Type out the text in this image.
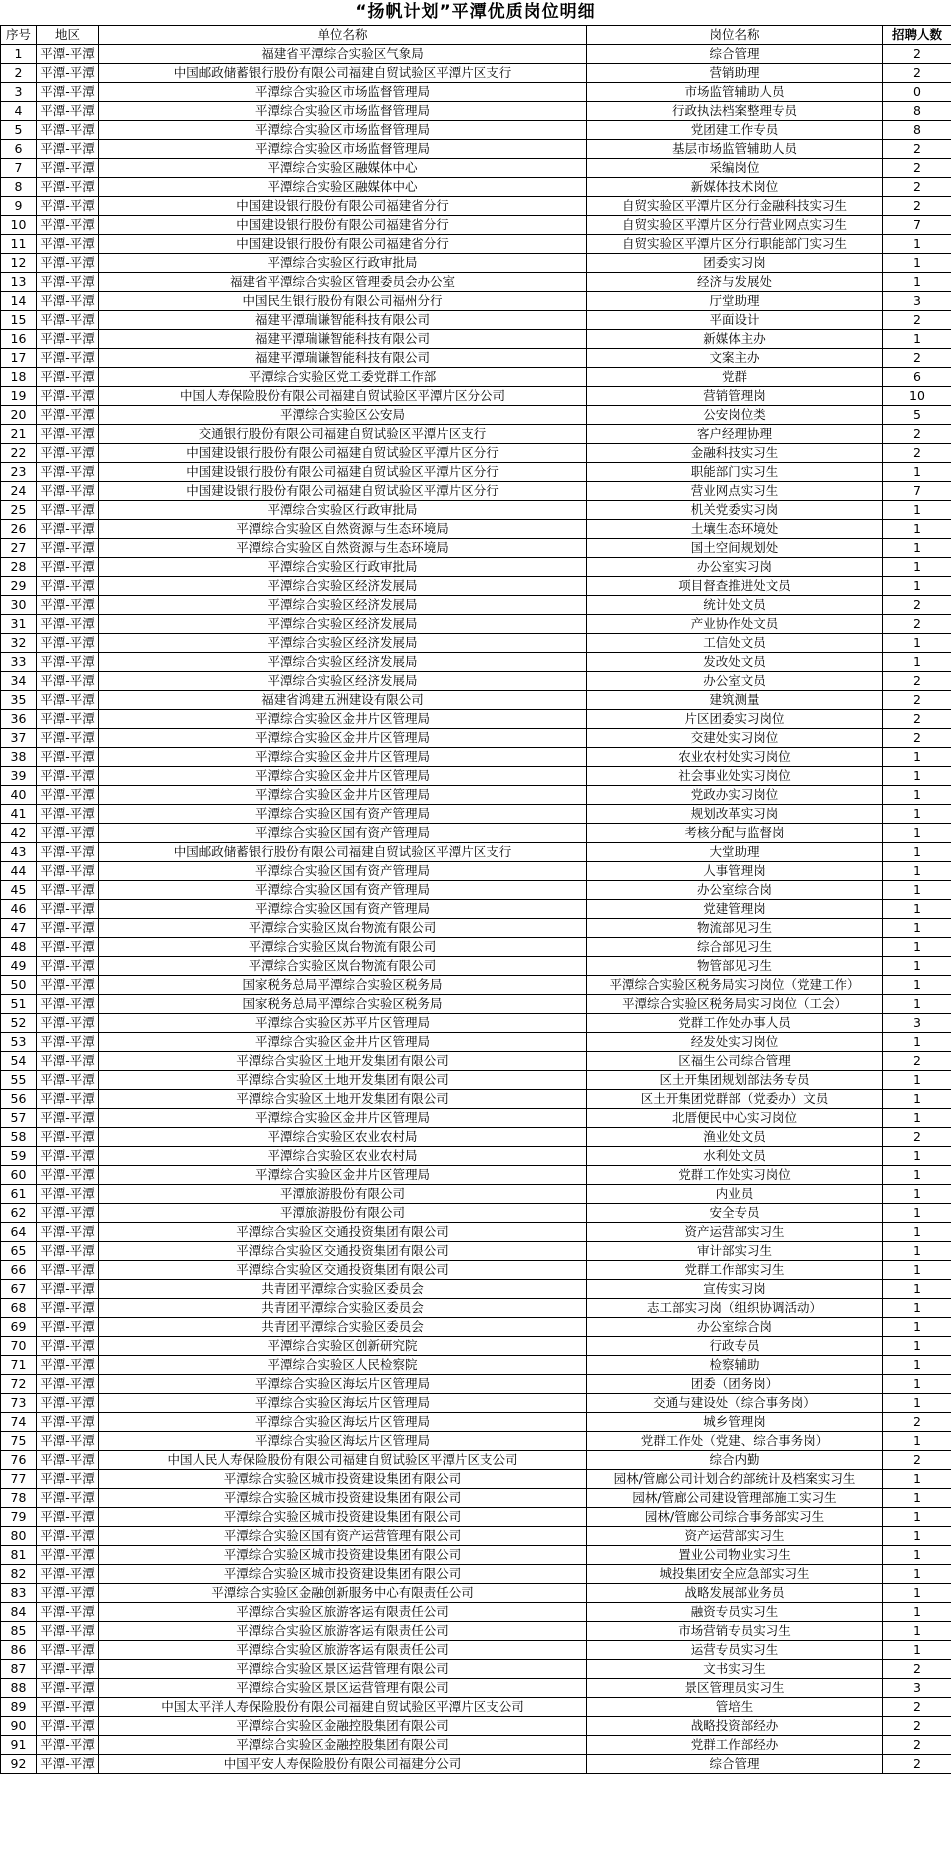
“扬帆计划”平潭优质岗位明细
序号	地区	单位名称	岗位名称	招聘人数
1	平潭-平潭	福建省平潭综合实验区气象局	综合管理	2
2	平潭-平潭	中国邮政储蓄银行股份有限公司福建自贸试验区平潭片区支行	营销助理	2
3	平潭-平潭	平潭综合实验区市场监督管理局	市场监管辅助人员	0
4	平潭-平潭	平潭综合实验区市场监督管理局	行政执法档案整理专员	8
5	平潭-平潭	平潭综合实验区市场监督管理局	党团建工作专员	8
6	平潭-平潭	平潭综合实验区市场监督管理局	基层市场监管辅助人员	2
7	平潭-平潭	平潭综合实验区融媒体中心	采编岗位	2
8	平潭-平潭	平潭综合实验区融媒体中心	新媒体技术岗位	2
9	平潭-平潭	中国建设银行股份有限公司福建省分行	自贸实验区平潭片区分行金融科技实习生	2
10	平潭-平潭	中国建设银行股份有限公司福建省分行	自贸实验区平潭片区分行营业网点实习生	7
11	平潭-平潭	中国建设银行股份有限公司福建省分行	自贸实验区平潭片区分行职能部门实习生	1
12	平潭-平潭	平潭综合实验区行政审批局	团委实习岗	1
13	平潭-平潭	福建省平潭综合实验区管理委员会办公室	经济与发展处	1
14	平潭-平潭	中国民生银行股份有限公司福州分行	厅堂助理	3
15	平潭-平潭	福建平潭瑞谦智能科技有限公司	平面设计	2
16	平潭-平潭	福建平潭瑞谦智能科技有限公司	新媒体主办	1
17	平潭-平潭	福建平潭瑞谦智能科技有限公司	文案主办	2
18	平潭-平潭	平潭综合实验区党工委党群工作部	党群	6
19	平潭-平潭	中国人寿保险股份有限公司福建自贸试验区平潭片区分公司	营销管理岗	10
20	平潭-平潭	平潭综合实验区公安局	公安岗位类	5
21	平潭-平潭	交通银行股份有限公司福建自贸试验区平潭片区支行	客户经理协理	2
22	平潭-平潭	中国建设银行股份有限公司福建自贸试验区平潭片区分行	金融科技实习生	2
23	平潭-平潭	中国建设银行股份有限公司福建自贸试验区平潭片区分行	职能部门实习生	1
24	平潭-平潭	中国建设银行股份有限公司福建自贸试验区平潭片区分行	营业网点实习生	7
25	平潭-平潭	平潭综合实验区行政审批局	机关党委实习岗	1
26	平潭-平潭	平潭综合实验区自然资源与生态环境局	土壤生态环境处	1
27	平潭-平潭	平潭综合实验区自然资源与生态环境局	国土空间规划处	1
28	平潭-平潭	平潭综合实验区行政审批局	办公室实习岗	1
29	平潭-平潭	平潭综合实验区经济发展局	项目督查推进处文员	1
30	平潭-平潭	平潭综合实验区经济发展局	统计处文员	2
31	平潭-平潭	平潭综合实验区经济发展局	产业协作处文员	2
32	平潭-平潭	平潭综合实验区经济发展局	工信处文员	1
33	平潭-平潭	平潭综合实验区经济发展局	发改处文员	1
34	平潭-平潭	平潭综合实验区经济发展局	办公室文员	2
35	平潭-平潭	福建省鸿建五洲建设有限公司	建筑测量	2
36	平潭-平潭	平潭综合实验区金井片区管理局	片区团委实习岗位	2
37	平潭-平潭	平潭综合实验区金井片区管理局	交建处实习岗位	2
38	平潭-平潭	平潭综合实验区金井片区管理局	农业农村处实习岗位	1
39	平潭-平潭	平潭综合实验区金井片区管理局	社会事业处实习岗位	1
40	平潭-平潭	平潭综合实验区金井片区管理局	党政办实习岗位	1
41	平潭-平潭	平潭综合实验区国有资产管理局	规划改革实习岗	1
42	平潭-平潭	平潭综合实验区国有资产管理局	考核分配与监督岗	1
43	平潭-平潭	中国邮政储蓄银行股份有限公司福建自贸试验区平潭片区支行	大堂助理	1
44	平潭-平潭	平潭综合实验区国有资产管理局	人事管理岗	1
45	平潭-平潭	平潭综合实验区国有资产管理局	办公室综合岗	1
46	平潭-平潭	平潭综合实验区国有资产管理局	党建管理岗	1
47	平潭-平潭	平潭综合实验区岚台物流有限公司	物流部见习生	1
48	平潭-平潭	平潭综合实验区岚台物流有限公司	综合部见习生	1
49	平潭-平潭	平潭综合实验区岚台物流有限公司	物管部见习生	1
50	平潭-平潭	国家税务总局平潭综合实验区税务局	平潭综合实验区税务局实习岗位（党建工作）	1
51	平潭-平潭	国家税务总局平潭综合实验区税务局	平潭综合实验区税务局实习岗位（工会）	1
52	平潭-平潭	平潭综合实验区苏平片区管理局	党群工作处办事人员	3
53	平潭-平潭	平潭综合实验区金井片区管理局	经发处实习岗位	1
54	平潭-平潭	平潭综合实验区土地开发集团有限公司	区福生公司综合管理	2
55	平潭-平潭	平潭综合实验区土地开发集团有限公司	区土开集团规划部法务专员	1
56	平潭-平潭	平潭综合实验区土地开发集团有限公司	区土开集团党群部（党委办）文员	1
57	平潭-平潭	平潭综合实验区金井片区管理局	北厝便民中心实习岗位	1
58	平潭-平潭	平潭综合实验区农业农村局	渔业处文员	2
59	平潭-平潭	平潭综合实验区农业农村局	水利处文员	1
60	平潭-平潭	平潭综合实验区金井片区管理局	党群工作处实习岗位	1
61	平潭-平潭	平潭旅游股份有限公司	内业员	1
62	平潭-平潭	平潭旅游股份有限公司	安全专员	1
64	平潭-平潭	平潭综合实验区交通投资集团有限公司	资产运营部实习生	1
65	平潭-平潭	平潭综合实验区交通投资集团有限公司	审计部实习生	1
66	平潭-平潭	平潭综合实验区交通投资集团有限公司	党群工作部实习生	1
67	平潭-平潭	共青团平潭综合实验区委员会	宣传实习岗	1
68	平潭-平潭	共青团平潭综合实验区委员会	志工部实习岗（组织协调活动）	1
69	平潭-平潭	共青团平潭综合实验区委员会	办公室综合岗	1
70	平潭-平潭	平潭综合实验区创新研究院	行政专员	1
71	平潭-平潭	平潭综合实验区人民检察院	检察辅助	1
72	平潭-平潭	平潭综合实验区海坛片区管理局	团委（团务岗）	1
73	平潭-平潭	平潭综合实验区海坛片区管理局	交通与建设处（综合事务岗）	1
74	平潭-平潭	平潭综合实验区海坛片区管理局	城乡管理岗	2
75	平潭-平潭	平潭综合实验区海坛片区管理局	党群工作处（党建、综合事务岗）	1
76	平潭-平潭	中国人民人寿保险股份有限公司福建自贸试验区平潭片区支公司	综合内勤	2
77	平潭-平潭	平潭综合实验区城市投资建设集团有限公司	园林/管廊公司计划合约部统计及档案实习生	1
78	平潭-平潭	平潭综合实验区城市投资建设集团有限公司	园林/管廊公司建设管理部施工实习生	1
79	平潭-平潭	平潭综合实验区城市投资建设集团有限公司	园林/管廊公司综合事务部实习生	1
80	平潭-平潭	平潭综合实验区国有资产运营管理有限公司	资产运营部实习生	1
81	平潭-平潭	平潭综合实验区城市投资建设集团有限公司	置业公司物业实习生	1
82	平潭-平潭	平潭综合实验区城市投资建设集团有限公司	城投集团安全应急部实习生	1
83	平潭-平潭	平潭综合实验区金融创新服务中心有限责任公司	战略发展部业务员	1
84	平潭-平潭	平潭综合实验区旅游客运有限责任公司	融资专员实习生	1
85	平潭-平潭	平潭综合实验区旅游客运有限责任公司	市场营销专员实习生	1
86	平潭-平潭	平潭综合实验区旅游客运有限责任公司	运营专员实习生	1
87	平潭-平潭	平潭综合实验区景区运营管理有限公司	文书实习生	2
88	平潭-平潭	平潭综合实验区景区运营管理有限公司	景区管理员实习生	3
89	平潭-平潭	中国太平洋人寿保险股份有限公司福建自贸试验区平潭片区支公司	管培生	2
90	平潭-平潭	平潭综合实验区金融控股集团有限公司	战略投资部经办	2
91	平潭-平潭	平潭综合实验区金融控股集团有限公司	党群工作部经办	2
92	平潭-平潭	中国平安人寿保险股份有限公司福建分公司	综合管理	2
